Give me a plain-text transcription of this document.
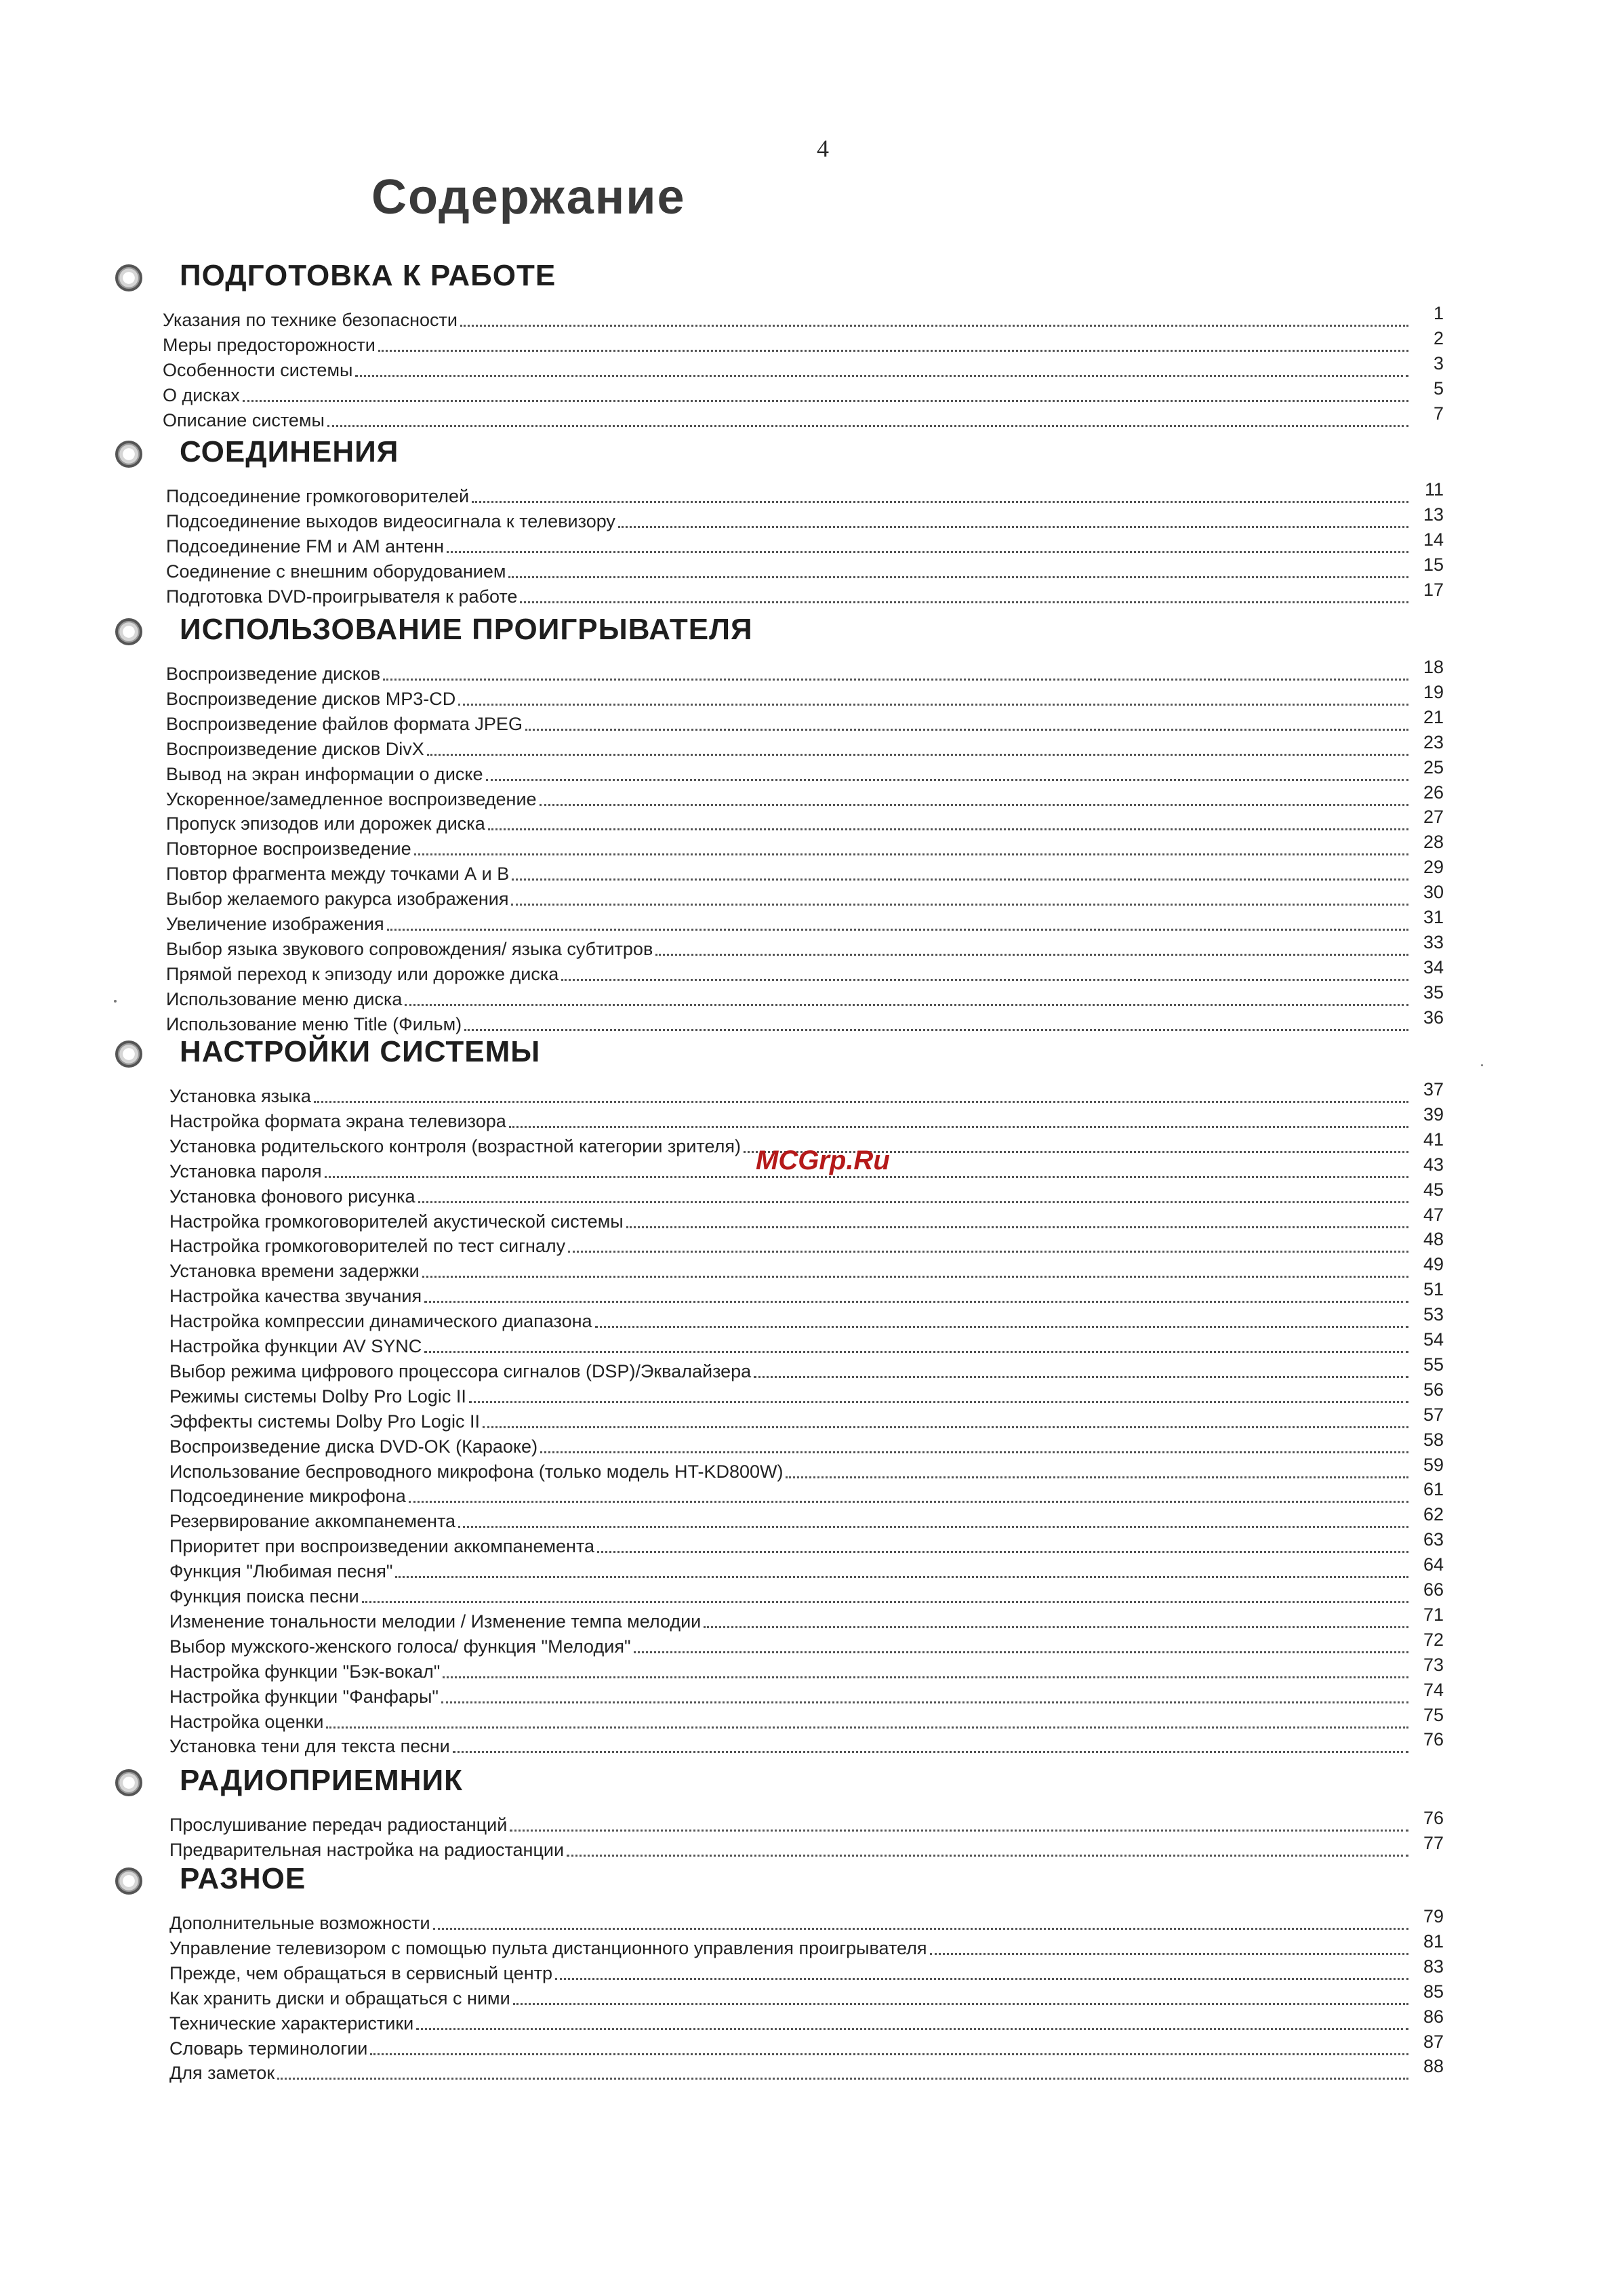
4
Содержание
ПОДГОТОВКА К РАБОТЕ
Указания по технике безопасности	1
Меры предосторожности	2
Особенности системы	3
О дисках	5
Описание системы	7
СОЕДИНЕНИЯ
Подсоединение громкоговорителей	11
Подсоединение выходов видеосигнала к телевизору	13
Подсоединение FM и AM антенн	14
Соединение с внешним оборудованием	15
Подготовка DVD-проигрывателя к работе	17
ИСПОЛЬЗОВАНИЕ ПРОИГРЫВАТЕЛЯ
Воспроизведение дисков	18
Воспроизведение дисков MP3-CD	19
Воспроизведение файлов формата JPEG	21
Воспроизведение дисков DivX	23
Вывод на экран информации о диске	25
Ускоренное/замедленное воспроизведение	26
Пропуск эпизодов или дорожек диска	27
Повторное воспроизведение	28
Повтор фрагмента между точками А и В	29
Выбор желаемого ракурса изображения	30
Увеличение изображения	31
Выбор языка звукового сопровождения/ языка субтитров	33
Прямой переход к эпизоду или дорожке диска	34
Использование меню диска	35
Использование меню Title (Фильм)	36
НАСТРОЙКИ СИСТЕМЫ
Установка языка	37
Настройка формата экрана телевизора	39
Установка родительского контроля (возрастной категории зрителя)	41
Установка пароля	43
Установка фонового рисунка	45
Настройка громкоговорителей акустической системы	47
Настройка громкоговорителей по тест сигналу	48
Установка времени задержки	49
Настройка качества звучания	51
Настройка компрессии динамического диапазона	53
Настройка функции AV SYNC	54
Выбор режима цифрового процессора сигналов (DSP)/Эквалайзера	55
Режимы системы Dolby Pro Logic II	56
Эффекты системы Dolby Pro Logic II	57
Воспроизведение диска DVD-OK (Караоке)	58
Использование беспроводного микрофона (только модель HT-KD800W)	59
Подсоединение микрофона	61
Резервирование аккомпанемента	62
Приоритет при воспроизведении аккомпанемента	63
Функция "Любимая песня"	64
Функция поиска песни	66
Изменение тональности мелодии / Изменение темпа мелодии	71
Выбор мужского-женского голоса/ функция "Мелодия"	72
Настройка функции "Бэк-вокал"	73
Настройка функции "Фанфары"	74
Настройка оценки	75
Установка тени для текста песни	76
РАДИОПРИЕМНИК
Прослушивание передач радиостанций	76
Предварительная настройка на радиостанции	77
РАЗНОЕ
Дополнительные возможности	79
Управление телевизором с помощью пульта дистанционного управления проигрывателя	81
Прежде, чем обращаться в сервисный центр	83
Как хранить диски и обращаться с ними	85
Технические характеристики	86
Словарь терминологии	87
Для заметок	88
MCGrp.Ru
